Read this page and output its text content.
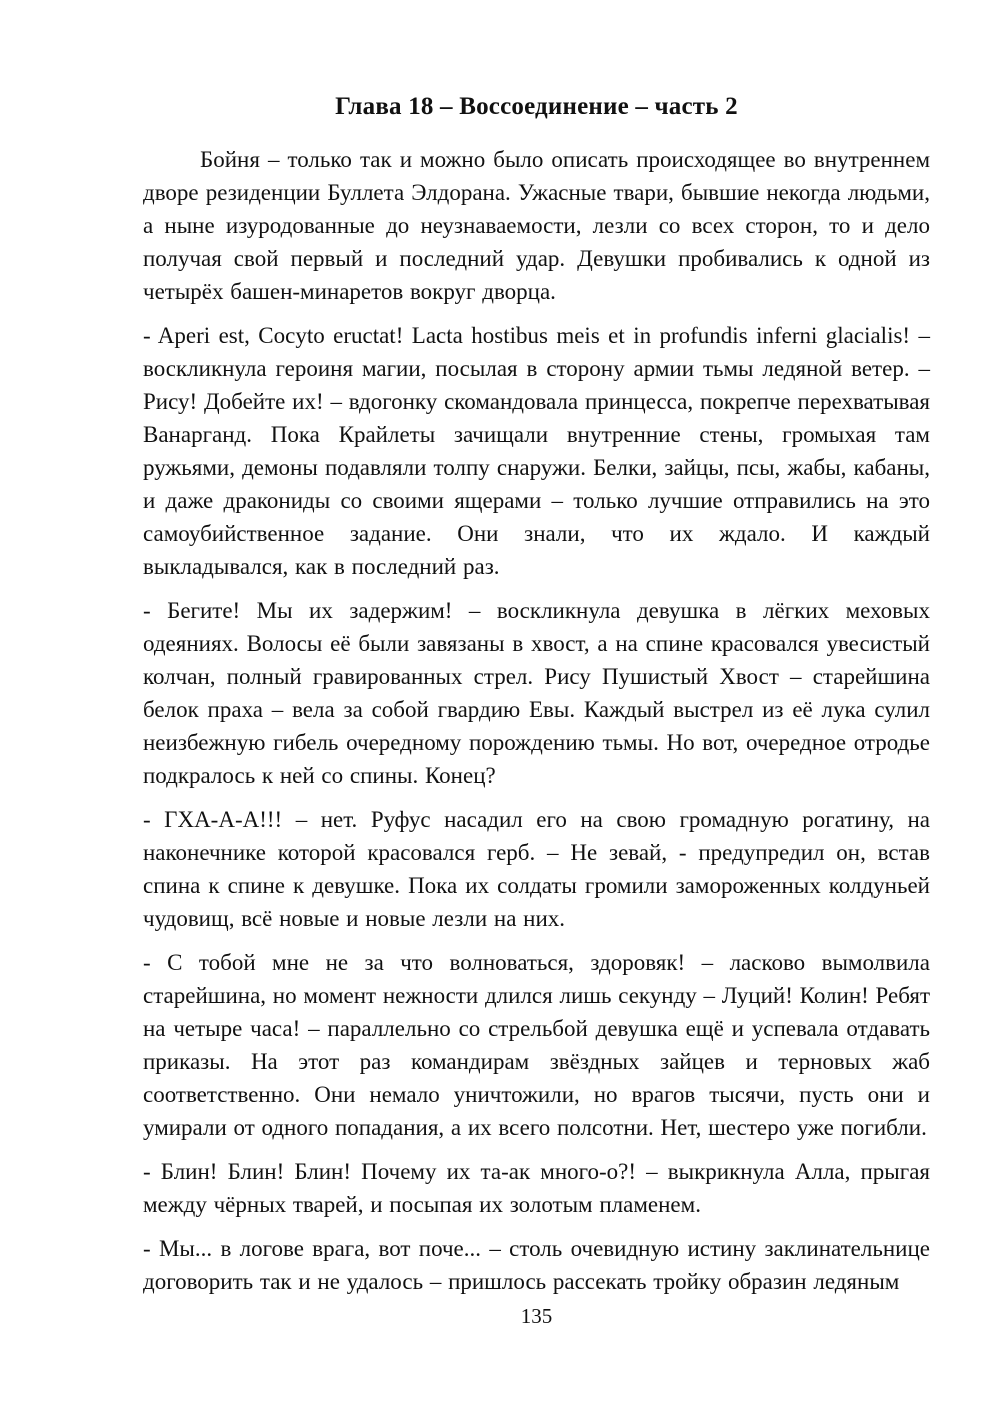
Глава 18 – Воссоединение – часть 2

Бойня – только так и можно было описать происходящее во внутреннем дворе резиденции Буллета Элдорана. Ужасные твари, бывшие некогда людьми, а ныне изуродованные до неузнаваемости, лезли со всех сторон, то и дело получая свой первый и последний удар. Девушки пробивались к одной из четырёх башен-минаретов вокруг дворца.

- Aperi est, Cocyto eructat! Lacta hostibus meis et in profundis inferni glacialis! – воскликнула героиня магии, посылая в сторону армии тьмы ледяной ветер. – Рису! Добейте их! – вдогонку скомандовала принцесса, покрепче перехватывая Ванарганд. Пока Крайлеты зачищали внутренние стены, громыхая там ружьями, демоны подавляли толпу снаружи. Белки, зайцы, псы, жабы, кабаны, и даже дракониды со своими ящерами – только лучшие отправились на это самоубийственное задание. Они знали, что их ждало. И каждый выкладывался, как в последний раз.

- Бегите! Мы их задержим! – воскликнула девушка в лёгких меховых одеяниях. Волосы её были завязаны в хвост, а на спине красовался увесистый колчан, полный гравированных стрел. Рису Пушистый Хвост – старейшина белок праха – вела за собой гвардию Евы. Каждый выстрел из её лука сулил неизбежную гибель очередному порождению тьмы. Но вот, очередное отродье подкралось к ней со спины. Конец?

- ГХА-А-А!!! – нет. Руфус насадил его на свою громадную рогатину, на наконечнике которой красовался герб. – Не зевай, - предупредил он, встав спина к спине к девушке. Пока их солдаты громили замороженных колдуньей чудовищ, всё новые и новые лезли на них.

- С тобой мне не за что волноваться, здоровяк! – ласково вымолвила старейшина, но момент нежности длился лишь секунду – Луций! Колин! Ребят на четыре часа! – параллельно со стрельбой девушка ещё и успевала отдавать приказы. На этот раз командирам звёздных зайцев и терновых жаб соответственно. Они немало уничтожили, но врагов тысячи, пусть они и умирали от одного попадания, а их всего полсотни. Нет, шестеро уже погибли.

- Блин! Блин! Блин! Почему их та-ак много-о?! – выкрикнула Алла, прыгая между чёрных тварей, и посыпая их золотым пламенем.

- Мы... в логове врага, вот поче... – столь очевидную истину заклинательнице договорить так и не удалось – пришлось рассекать тройку образин ледяным

135
